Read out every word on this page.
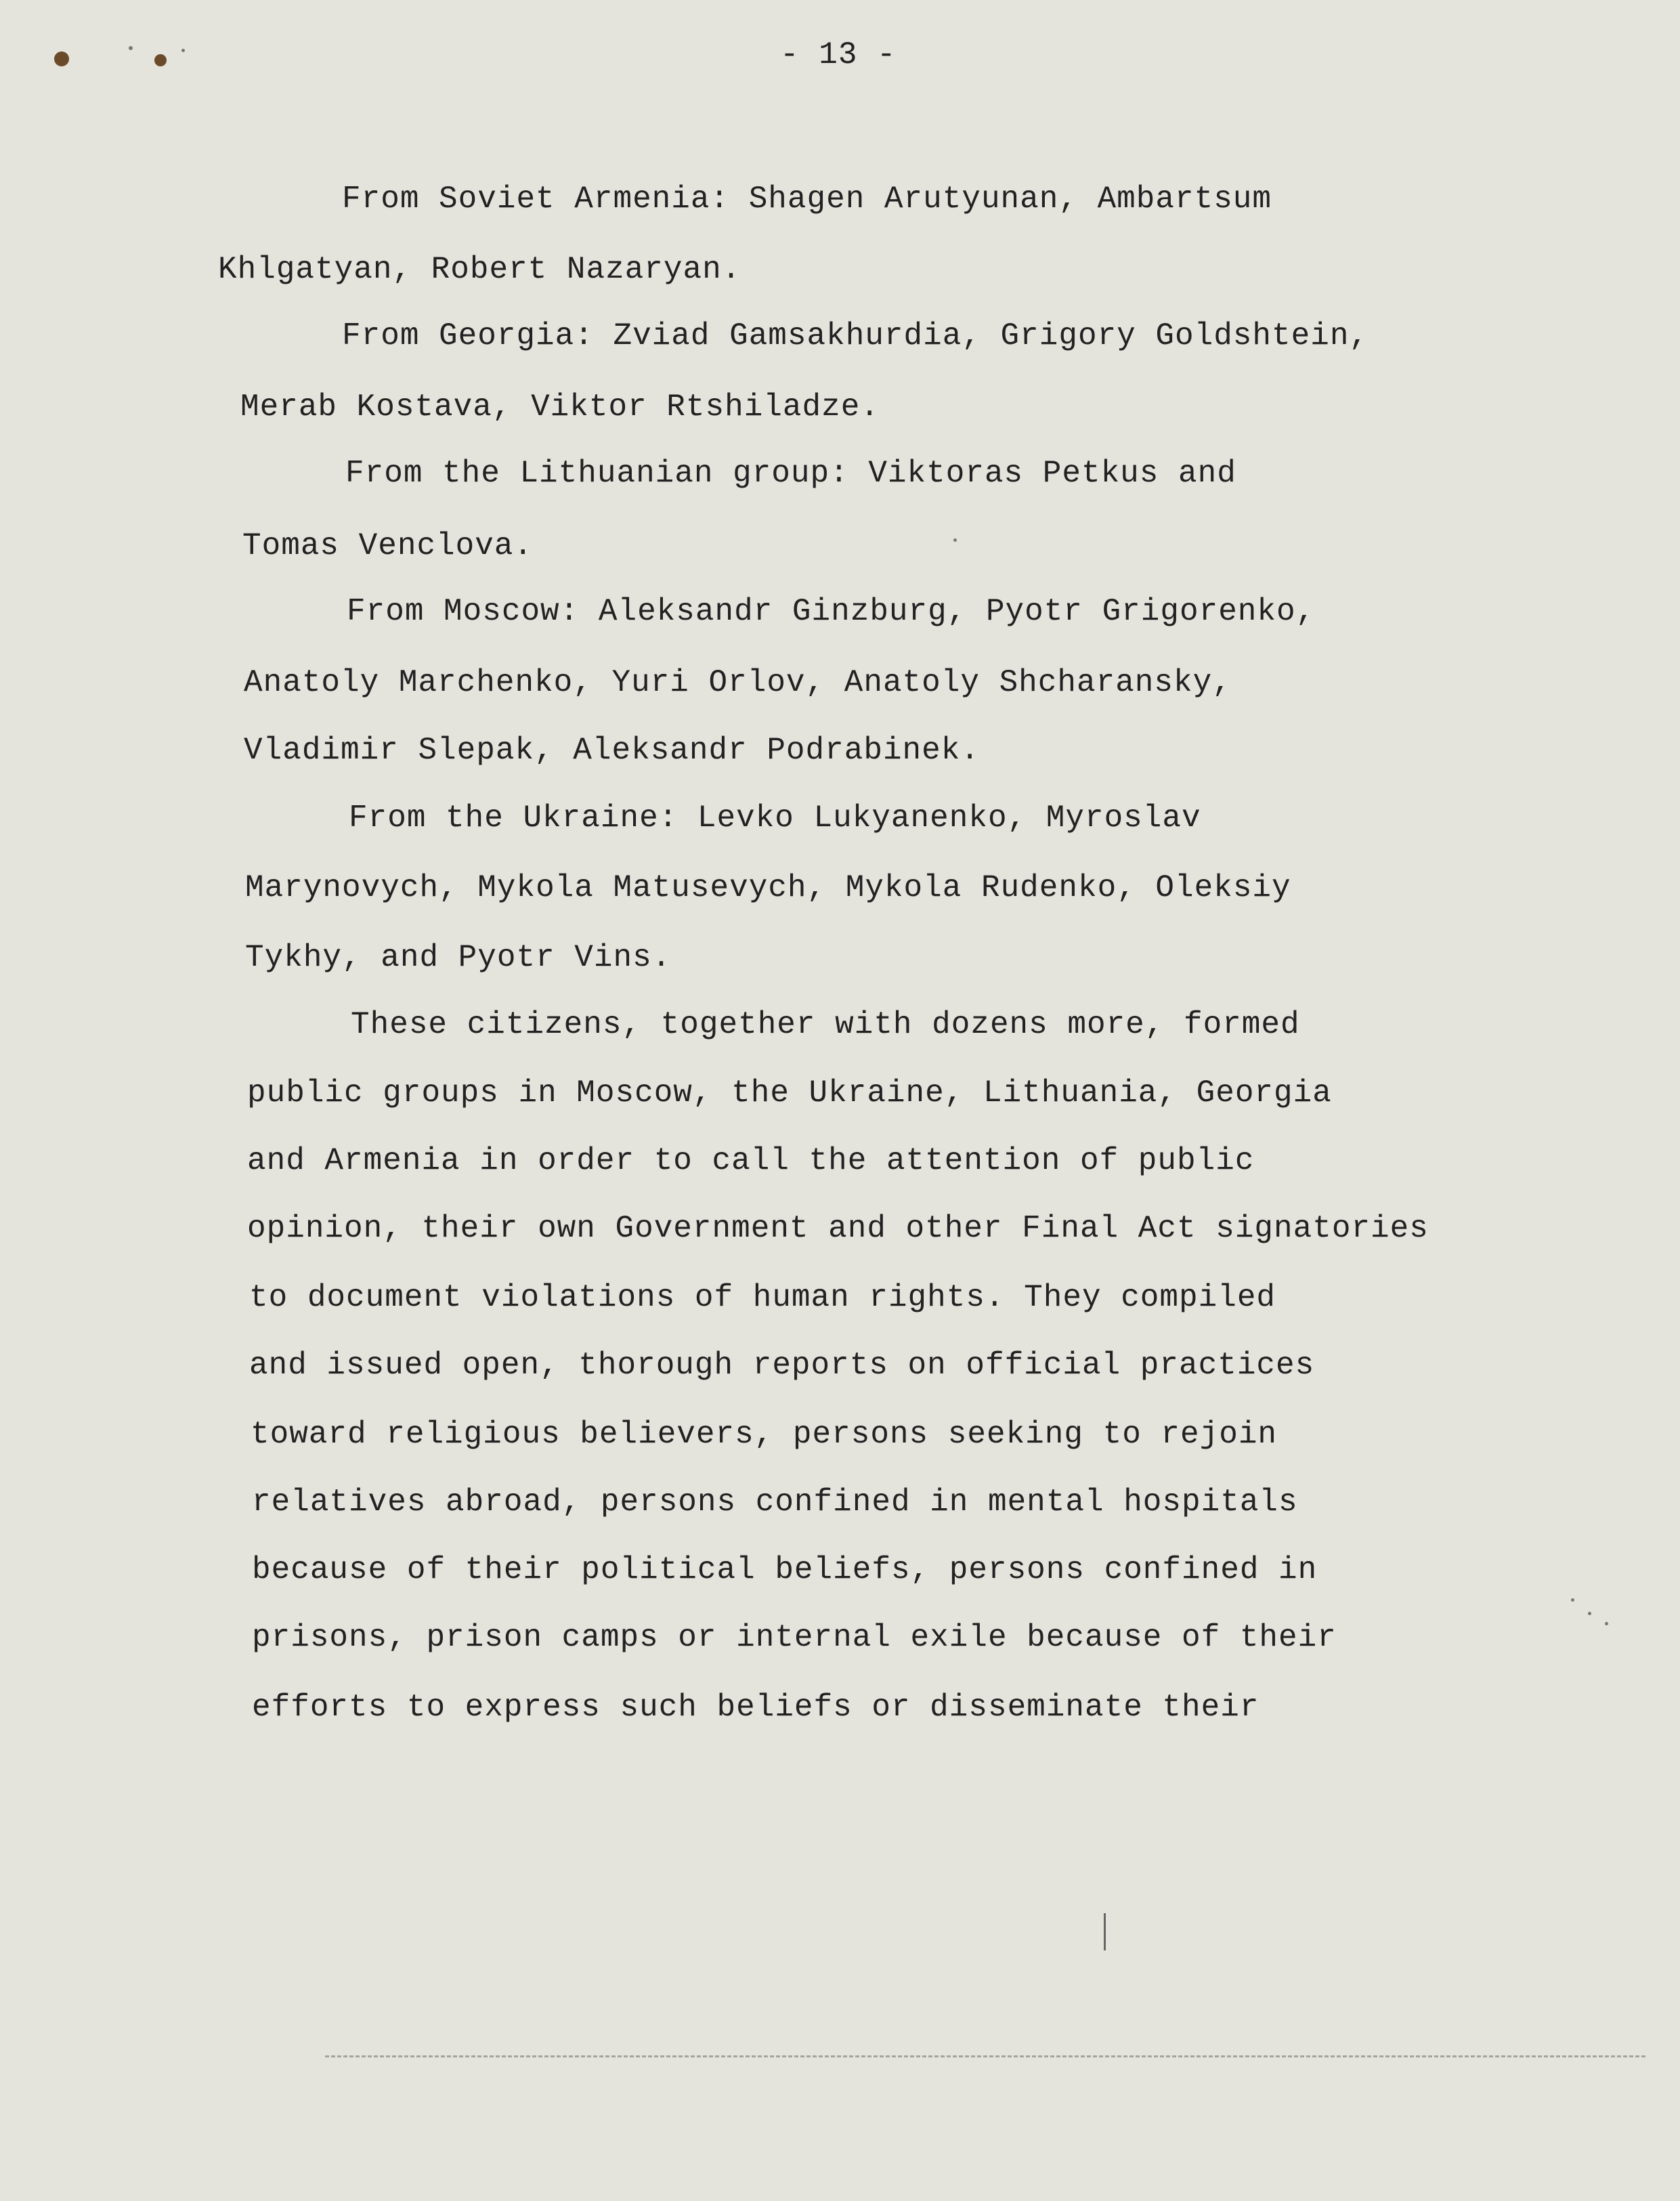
- 13 -
From Soviet Armenia: Shagen Arutyunan, Ambartsum
Khlgatyan, Robert Nazaryan.
From Georgia: Zviad Gamsakhurdia, Grigory Goldshtein,
Merab Kostava, Viktor Rtshiladze.
From the Lithuanian group: Viktoras Petkus and
Tomas Venclova.
From Moscow: Aleksandr Ginzburg, Pyotr Grigorenko,
Anatoly Marchenko, Yuri Orlov, Anatoly Shcharansky,
Vladimir Slepak, Aleksandr Podrabinek.
From the Ukraine: Levko Lukyanenko, Myroslav
Marynovych, Mykola Matusevych, Mykola Rudenko, Oleksiy
Tykhy, and Pyotr Vins.
These citizens, together with dozens more, formed
public groups in Moscow, the Ukraine, Lithuania, Georgia
and Armenia in order to call the attention of public
opinion, their own Government and other Final Act signatories
to document violations of human rights. They compiled
and issued open, thorough reports on official practices
toward religious believers, persons seeking to rejoin
relatives abroad, persons confined in mental hospitals
because of their political beliefs, persons confined in
prisons, prison camps or internal exile because of their
efforts to express such beliefs or disseminate their
